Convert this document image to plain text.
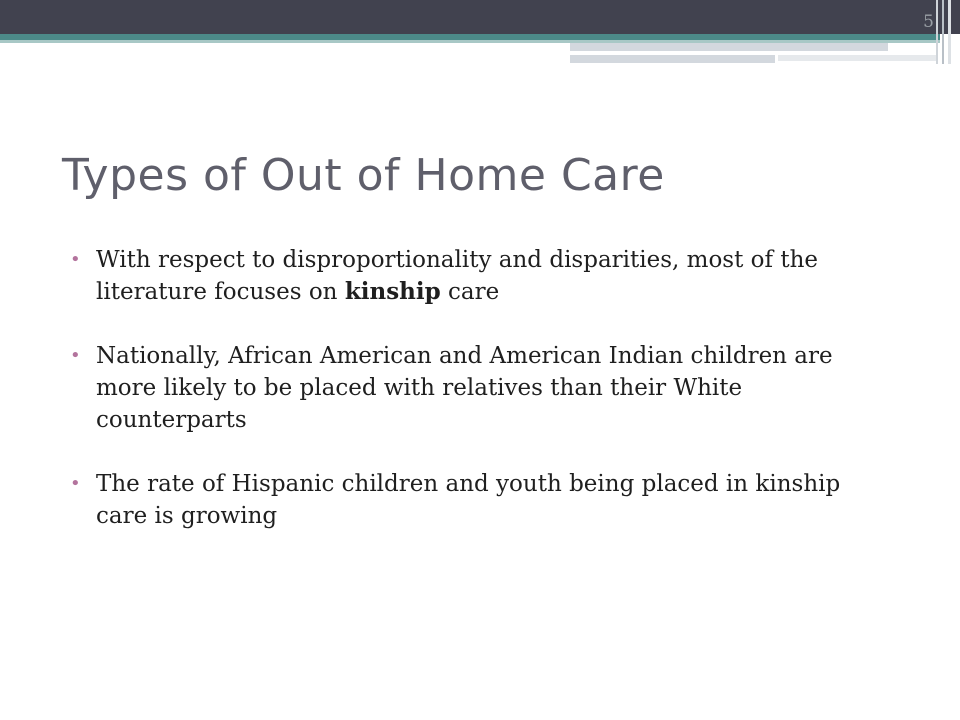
5
Types of Out of Home Care
• With respect to disproportionality and disparities, most of the literature focuses on kinship care
• Nationally, African American and American Indian children are more likely to be placed with relatives than their White counterparts
• The rate of Hispanic children and youth being placed in kinship care is growing
